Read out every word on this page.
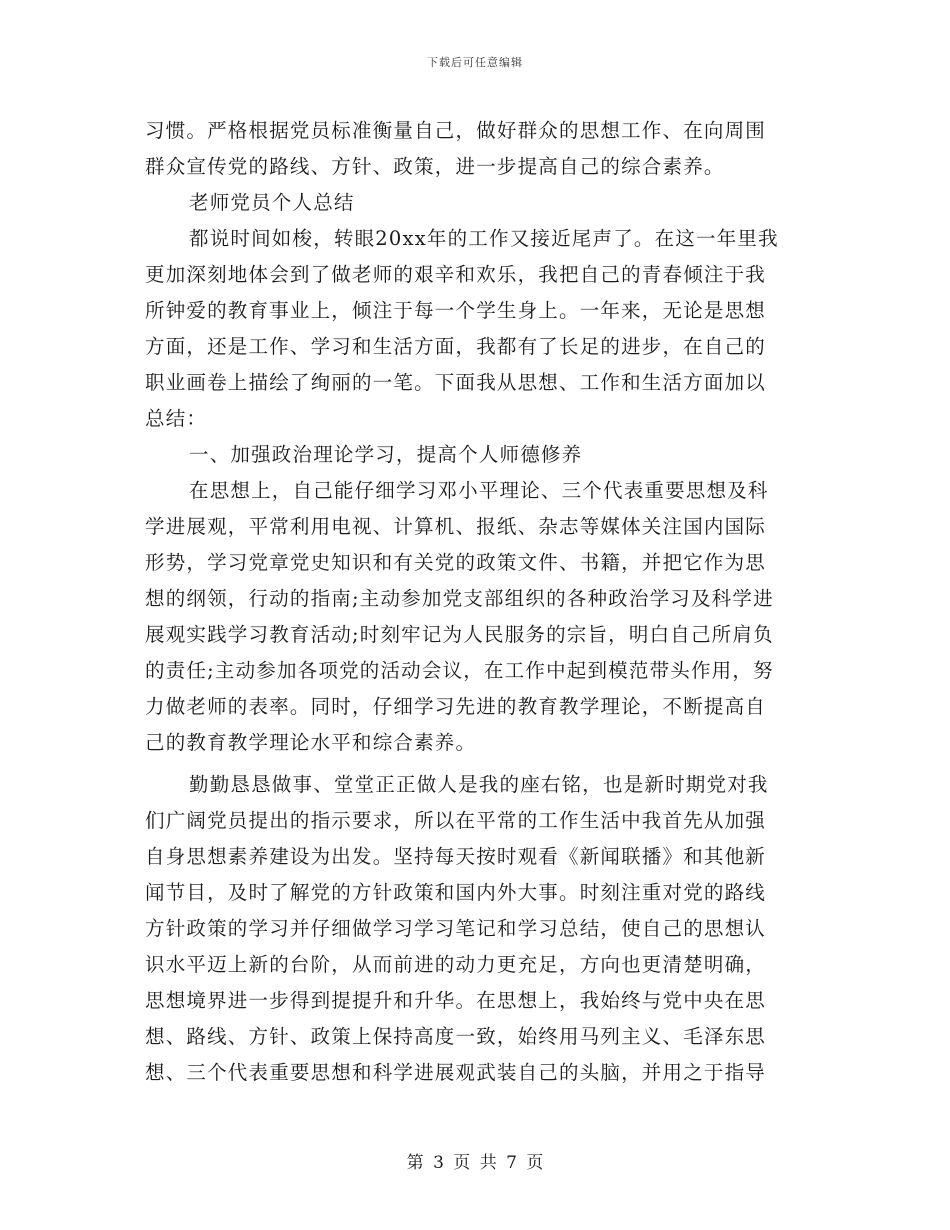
下载后可任意编辑
习惯。严格根据党员标准衡量自己，做好群众的思想工作、在向周围
群众宣传党的路线、方针、政策，进一步提高自己的综合素养。
老师党员个人总结
都说时间如梭，转眼20xx年的工作又接近尾声了。在这一年里我
更加深刻地体会到了做老师的艰辛和欢乐，我把自己的青春倾注于我
所钟爱的教育事业上，倾注于每一个学生身上。一年来，无论是思想
方面，还是工作、学习和生活方面，我都有了长足的进步，在自己的
职业画卷上描绘了绚丽的一笔。下面我从思想、工作和生活方面加以
总结：
一、加强政治理论学习，提高个人师德修养
在思想上，自己能仔细学习邓小平理论、三个代表重要思想及科
学进展观，平常利用电视、计算机、报纸、杂志等媒体关注国内国际
形势，学习党章党史知识和有关党的政策文件、书籍，并把它作为思
想的纲领，行动的指南;主动参加党支部组织的各种政治学习及科学进
展观实践学习教育活动;时刻牢记为人民服务的宗旨，明白自己所肩负
的责任;主动参加各项党的活动会议，在工作中起到模范带头作用，努
力做老师的表率。同时，仔细学习先进的教育教学理论，不断提高自
己的教育教学理论水平和综合素养。
勤勤恳恳做事、堂堂正正做人是我的座右铭，也是新时期党对我
们广阔党员提出的指示要求，所以在平常的工作生活中我首先从加强
自身思想素养建设为出发。坚持每天按时观看《新闻联播》和其他新
闻节目，及时了解党的方针政策和国内外大事。时刻注重对党的路线
方针政策的学习并仔细做学习学习笔记和学习总结，使自己的思想认
识水平迈上新的台阶，从而前进的动力更充足，方向也更清楚明确，
思想境界进一步得到提提升和升华。在思想上，我始终与党中央在思
想、路线、方针、政策上保持高度一致，始终用马列主义、毛泽东思
想、三个代表重要思想和科学进展观武装自己的头脑，并用之于指导
第 3 页 共 7 页
